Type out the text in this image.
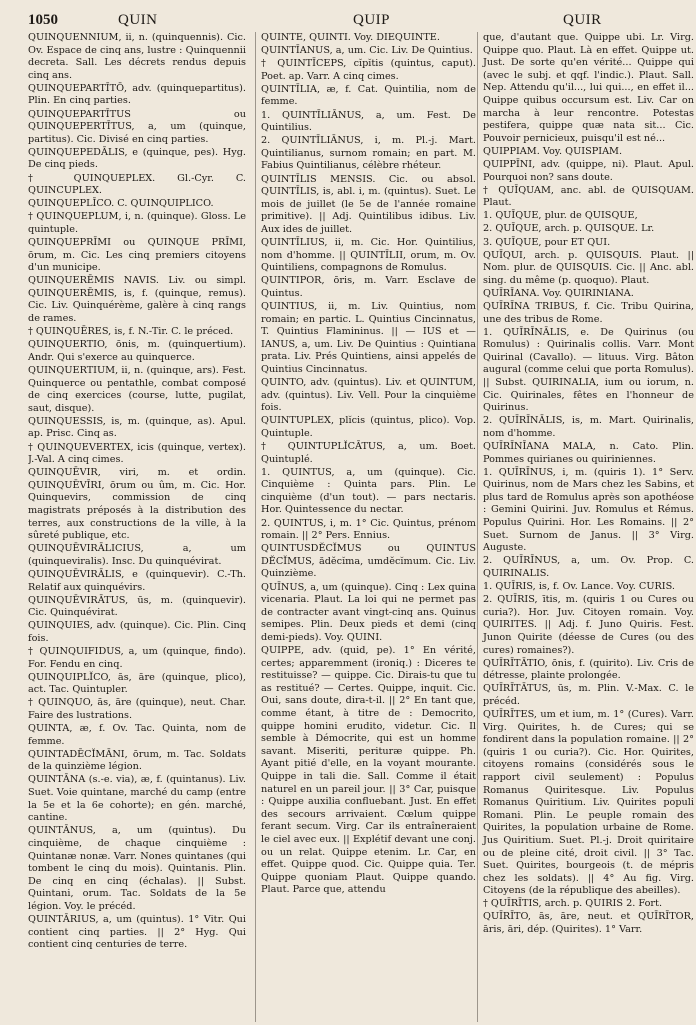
1050	QUIN	QUIP	QUIR
QUINQUENNIUM, ii, n. (quinquennis). Cic. Ov. Espace de cinq ans, lustre : Quinquennii decreta. Sall. Les décrets rendus depuis cinq ans.
QUINQUEPARTĪTŌ, adv. (quinquepartitus). Plin. En cinq parties.
QUINQUEPARTĪTUS ou QUINQUEPERTĪTUS, a, um (quinque, partitus). Cic. Divisé en cinq parties.
QUINQUEPEDĀLIS, e (quinque, pes). Hyg. De cinq pieds.
† QUINQUEPLEX. Gl.-Cyr. C. QUINCUPLEX.
QUINQUEPLĪCO. C. QUINQUIPLICO.
† QUINQUEPLUM, i, n. (quinque). Gloss. Le quintuple.
QUINQUEPRĪMI ou QUINQUE PRĪMI, ōrum, m. Cic. Les cinq premiers citoyens d'un municipe.
QUINQUERĒMIS NAVIS. Liv. ou simpl. QUINQUERĒMIS, is, f. (quinque, remus). Cic. Liv. Quinquérème, galère à cinq rangs de rames.
† QUINQUĒRES, is, f. N.-Tir. C. le préced.
QUINQUERTIO, ōnis, m. (quinquertium). Andr. Qui s'exerce au quinquerce.
QUINQUERTIUM, ii, n. (quinque, ars). Fest. Quinquerce ou pentathle, combat composé de cinq exercices (course, lutte, pugilat, saut, disque).
QUINQUESSIS, is, m. (quinque, as). Apul. ap. Prisc. Cinq as.
† QUINQUEVERTEX, icis (quinque, vertex). J.-Val. A cinq cimes.
QUINQUĒVIR, viri, m. et ordin. QUINQUĒVĪRI, ōrum ou ûm, m. Cic. Hor. Quinquevirs, commission de cinq magistrats préposés à la distribution des terres, aux constructions de la ville, à la sûreté publique, etc.
QUINQUĒVIRĀLICIUS, a, um (quinqueviralis). Insc. Du quinquévirat.
QUINQUĒVIRĀLIS, e (quinquevir). C.-Th. Relatif aux quinquévirs.
QUINQUĒVIRĀTUS, ūs, m. (quinquevir). Cic. Quinquévirat.
QUINQUIES, adv. (quinque). Cic. Plin. Cinq fois.
† QUINQUIFIDUS, a, um (quinque, findo). For. Fendu en cinq.
QUINQUIPLĬCO, ās, āre (quinque, plico), act. Tac. Quintupler.
† QUINQUO, ās, āre (quinque), neut. Char. Faire des lustrations.
QUINTA, æ, f. Ov. Tac. Quinta, nom de femme.
QUINTADĒCĬMĀNI, ōrum, m. Tac. Soldats de la quinzième légion.
QUINTĀNA (s.-e. via), æ, f. (quintanus). Liv. Suet. Voie quintane, marché du camp (entre la 5e et la 6e cohorte); en gén. marché, cantine.
QUINTĀNUS, a, um (quintus). Du cinquième, de chaque cinquième : Quintanæ nonæ. Varr. Nones quintanes (qui tombent le cinq du mois). Quintanis. Plin. De cinq en cinq (échalas). || Subst. Quintani, orum. Tac. Soldats de la 5e légion. Voy. le précéd.
QUINTĀRIUS, a, um (quintus). 1° Vitr. Qui contient cinq parties. || 2° Hyg. Qui contient cinq centuries de terre.
QUINTE, QUINTI. Voy. DIEQUINTE.
QUINTĪANUS, a, um. Cic. Liv. De Quintius.
† QUINTĪCEPS, cĭpĭtis (quintus, caput). Poet. ap. Varr. A cinq cimes.
QUINTĪLIA, æ, f. Cat. Quintilia, nom de femme.
1. QUINTĪLIĀNUS, a, um. Fest. De Quintilius.
2. QUINTĪLIĀNUS, i, m. Pl.-j. Mart. Quintilianus, surnom romain; en part. M. Fabius Quintilianus, célèbre rhéteur.
QUINTĪLIS MENSIS. Cic. ou absol. QUINTĪLIS, is, abl. i, m. (quintus). Suet. Le mois de juillet (le 5e de l'année romaine primitive). || Adj. Quintilibus idibus. Liv. Aux ides de juillet.
QUINTĪLIUS, ii, m. Cic. Hor. Quintilius, nom d'homme. || QUINTĪLII, orum, m. Ov. Quintiliens, compagnons de Romulus.
QUINTIPOR, ōris, m. Varr. Esclave de Quintus.
QUINTIUS, ii, m. Liv. Quintius, nom romain; en partic. L. Quintius Cincinnatus, T. Quintius Flamininus. || — IUS et — IANUS, a, um. Liv. De Quintius : Quintiana prata. Liv. Prés Quintiens, ainsi appelés de Quintius Cincinnatus.
QUINTO, adv. (quintus). Liv. et QUINTUM, adv. (quintus). Liv. Vell. Pour la cinquième fois.
QUINTUPLEX, plĭcis (quintus, plico). Vop. Quintuple.
† QUINTUPLĬCĀTUS, a, um. Boet. Quintuplé.
1. QUINTUS, a, um (quinque). Cic. Cinquième : Quinta pars. Plin. Le cinquième (d'un tout). — pars nectaris. Hor. Quintessence du nectar.
2. QUINTUS, i, m. 1° Cic. Quintus, prénom romain. || 2° Pers. Ennius.
QUINTUSDĔCĬMUS ou QUINTUS DĔCĬMUS, ădĕcĭma, umdĕcĭmum. Cic. Liv. Quinzième.
QUĪNUS, a, um (quinque). Cinq : Lex quina vicenaria. Plaut. La loi qui ne permet pas de contracter avant vingt-cinq ans. Quinus semipes. Plin. Deux pieds et demi (cinq demi-pieds). Voy. QUINI.
QUIPPE, adv. (quid, pe). 1° En vérité, certes; apparemment (ironiq.) : Diceres te restituisse? — quippe. Cic. Dirais-tu que tu as restitué? — Certes. Quippe, inquit. Cic. Oui, sans doute, dira-t-il. || 2° En tant que, comme étant, à titre de : Democrito, quippe homini erudito, videtur. Cic. Il semble à Démocrite, qui est un homme savant. Miseriti, perituræ quippe. Ph. Ayant pitié d'elle, en la voyant mourante. Quippe in tali die. Sall. Comme il était naturel en un pareil jour. || 3° Car, puisque : Quippe auxilia confluebant. Just. En effet des secours arrivaient. Cœlum quippe ferant secum. Virg. Car ils entraîneraient le ciel avec eux. || Explétif devant une conj. ou un relat. Quippe etenim. Lr. Car, en effet. Quippe quod. Cic. Quippe quia. Ter. Quippe quoniam Plaut. Quippe quando. Plaut. Parce que, attendu
que, d'autant que. Quippe ubi. Lr. Virg. Quippe quo. Plaut. Là en effet. Quippe ut. Just. De sorte qu'en vérité... Quippe qui (avec le subj. et qqf. l'indic.). Plaut. Sall. Nep. Attendu qu'il..., lui qui..., en effet il... Quippe quibus occursum est. Liv. Car on marcha à leur rencontre. Potestas pestifera, quippe quæ nata sit... Cic. Pouvoir pernicieux, puisqu'il est né...
QUIPPIAM. Voy. QUISPIAM.
QUIPPĪNI, adv. (quippe, ni). Plaut. Apul. Pourquoi non? sans doute.
† QUĪQUAM, anc. abl. de QUISQUAM. Plaut.
1. QUĪQUE, plur. de QUISQUE,
2. QUĪQUE, arch. p. QUISQUE. Lr.
3. QUĪQUE, pour ET QUI.
QUĪQUI, arch. p. QUISQUIS. Plaut. || Nom. plur. de QUISQUIS. Cic. || Anc. abl. sing. du même (p. quoquo). Plaut.
QUĪRĪANA. Voy. QUIRINIANA.
QUĪRĪNA TRIBUS, f. Cic. Tribu Quirina, une des tribus de Rome.
1. QUĪRĪNĀLIS, e. De Quirinus (ou Romulus) : Quirinalis collis. Varr. Mont Quirinal (Cavallo). — lituus. Virg. Bâton augural (comme celui que porta Romulus). || Subst. QUIRINALIA, ium ou iorum, n. Cic. Quirinales, fêtes en l'honneur de Quirinus.
2. QUĪRĪNĀLIS, is, m. Mart. Quirinalis, nom d'homme.
QUĪRĪNĪANA MALA, n. Cato. Plin. Pommes quirianes ou quiriniennes.
1. QUĪRĪNUS, i, m. (quiris 1). 1° Serv. Quirinus, nom de Mars chez les Sabins, et plus tard de Romulus après son apothéose : Gemini Quirini. Juv. Romulus et Rémus. Populus Quirini. Hor. Les Romains. || 2° Suet. Surnom de Janus. || 3° Virg. Auguste.
2. QUĪRĪNUS, a, um. Ov. Prop. C. QUIRINALIS.
1. QUĪRIS, is, f. Ov. Lance. Voy. CURIS.
2. QUĪRIS, ītis, m. (quiris 1 ou Cures ou curia?). Hor. Juv. Citoyen romain. Voy. QUIRITES. || Adj. f. Juno Quiris. Fest. Junon Quirite (déesse de Cures (ou des cures) romaines?).
QUĪRĪTĀTIO, ōnis, f. (quirito). Liv. Cris de détresse, plainte prolongée.
QUĪRĪTĀTUS, ūs, m. Plin. V.-Max. C. le précéd.
QUĪRĪTES, um et ium, m. 1° (Cures). Varr. Virg. Quirites, h. de Cures; qui se fondirent dans la population romaine. || 2° (quiris 1 ou curia?). Cic. Hor. Quirites, citoyens romains (considérés sous le rapport civil seulement) : Populus Romanus Quiritesque. Liv. Populus Romanus Quiritium. Liv. Quirites populi Romani. Plin. Le peuple romain des Quirites, la population urbaine de Rome. Jus Quiritium. Suet. Pl.-j. Droit quiritaire ou de pleine cité, droit civil. || 3° Tac. Suet. Quirites, bourgeois (t. de mépris chez les soldats). || 4° Au fig. Virg. Citoyens (de la république des abeilles).
† QUĪRĪTIS, arch. p. QUIRIS 2. Fort.
QUĪRĪTO, ās, āre, neut. et QUĪRĪTOR, āris, āri, dép. (Quirites). 1° Varr.
